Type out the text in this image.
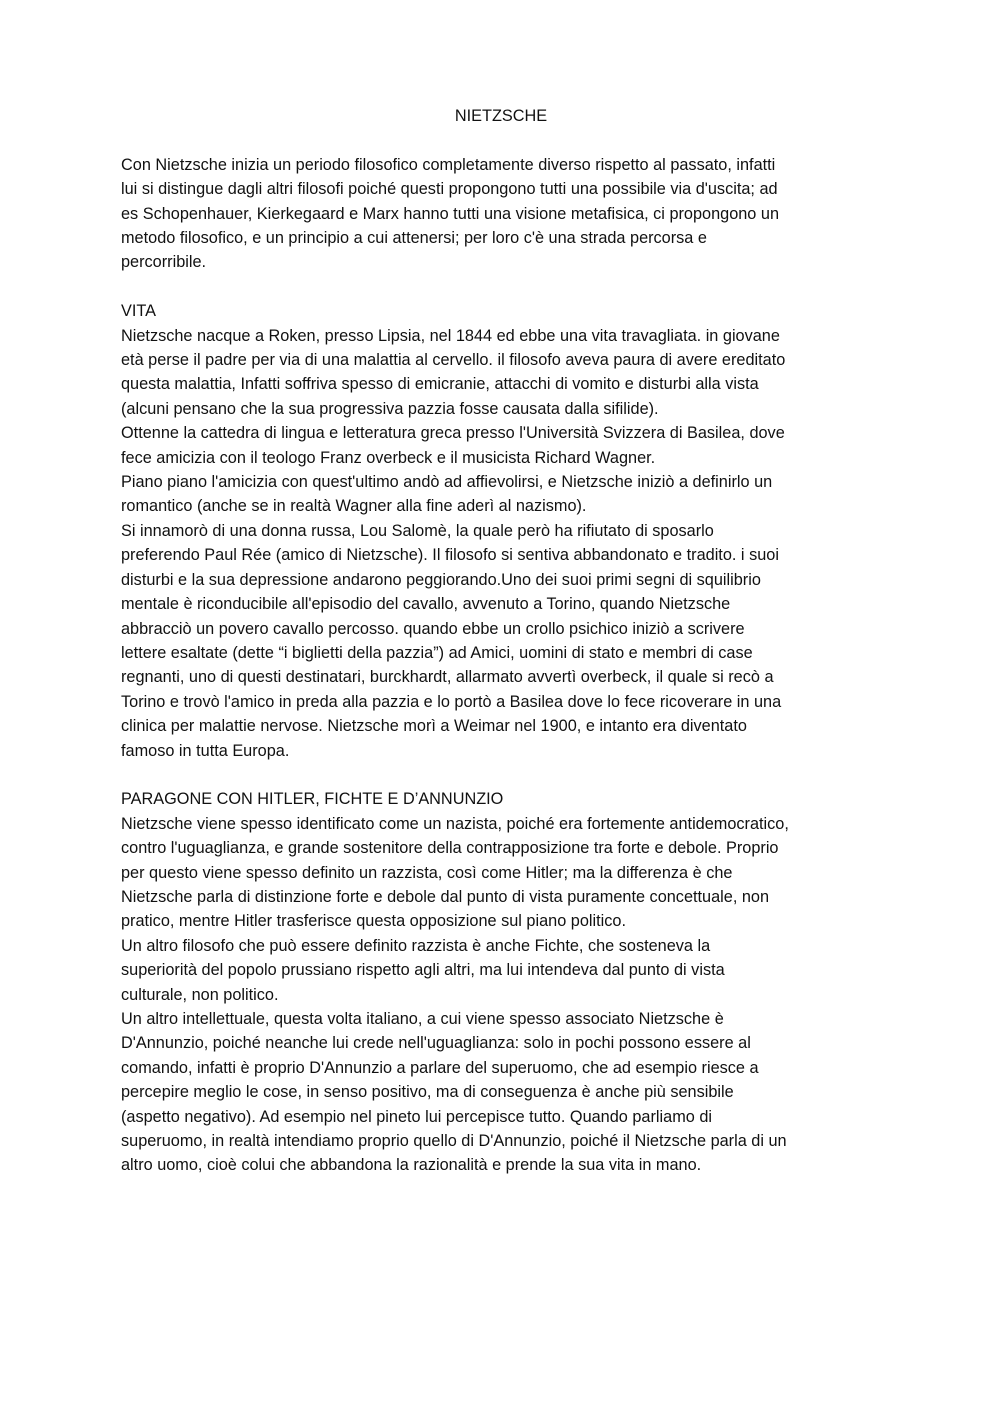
NIETZSCHE

Con Nietzsche inizia un periodo filosofico completamente diverso rispetto al passato, infatti
lui si distingue dagli altri filosofi poiché questi propongono tutti una possibile via d'uscita; ad
es Schopenhauer, Kierkegaard e Marx hanno tutti una visione metafisica, ci propongono un
metodo filosofico, e un principio a cui attenersi; per loro c'è una strada percorsa e
percorribile.

VITA

Nietzsche nacque a Roken, presso Lipsia, nel 1844 ed ebbe una vita travagliata. in giovane
età perse il padre per via di una malattia al cervello. il filosofo aveva paura di avere ereditato
questa malattia, Infatti soffriva spesso di emicranie, attacchi di vomito e disturbi alla vista
(alcuni pensano che la sua progressiva pazzia fosse causata dalla sifilide).
Ottenne la cattedra di lingua e letteratura greca presso l'Università Svizzera di Basilea, dove
fece amicizia con il teologo Franz overbeck e il musicista Richard Wagner.
Piano piano l'amicizia con quest'ultimo andò ad affievolirsi, e Nietzsche iniziò a definirlo un
romantico (anche se in realtà Wagner alla fine aderì al nazismo).
Si innamorò di una donna russa, Lou Salomè, la quale però ha rifiutato di sposarlo
preferendo Paul Rée (amico di Nietzsche). Il filosofo si sentiva abbandonato e tradito. i suoi
disturbi e la sua depressione andarono peggiorando.Uno dei suoi primi segni di squilibrio
mentale è riconducibile all'episodio del cavallo, avvenuto a Torino, quando Nietzsche
abbracciò un povero cavallo percosso. quando ebbe un crollo psichico iniziò a scrivere
lettere esaltate (dette “i biglietti della pazzia”) ad Amici, uomini di stato e membri di case
regnanti, uno di questi destinatari, burckhardt, allarmato avvertì overbeck, il quale si recò a
Torino e trovò l'amico in preda alla pazzia e lo portò a Basilea dove lo fece ricoverare in una
clinica per malattie nervose. Nietzsche morì a Weimar nel 1900, e intanto era diventato
famoso in tutta Europa.

PARAGONE CON HITLER, FICHTE E D’ANNUNZIO

Nietzsche viene spesso identificato come un nazista, poiché era fortemente antidemocratico,
contro l'uguaglianza, e grande sostenitore della contrapposizione tra forte e debole. Proprio
per questo viene spesso definito un razzista, così come Hitler; ma la differenza è che
Nietzsche parla di distinzione forte e debole dal punto di vista puramente concettuale, non
pratico, mentre Hitler trasferisce questa opposizione sul piano politico.
Un altro filosofo che può essere definito razzista è anche Fichte, che sosteneva la
superiorità del popolo prussiano rispetto agli altri, ma lui intendeva dal punto di vista
culturale, non politico.
Un altro intellettuale, questa volta italiano, a cui viene spesso associato Nietzsche è
D'Annunzio, poiché neanche lui crede nell'uguaglianza: solo in pochi possono essere al
comando, infatti è proprio D'Annunzio a parlare del superuomo, che ad esempio riesce a
percepire meglio le cose, in senso positivo, ma di conseguenza è anche più sensibile
(aspetto negativo). Ad esempio nel pineto lui percepisce tutto. Quando parliamo di
superuomo, in realtà intendiamo proprio quello di D'Annunzio, poiché il Nietzsche parla di un
altro uomo, cioè colui che abbandona la razionalità e prende la sua vita in mano.
